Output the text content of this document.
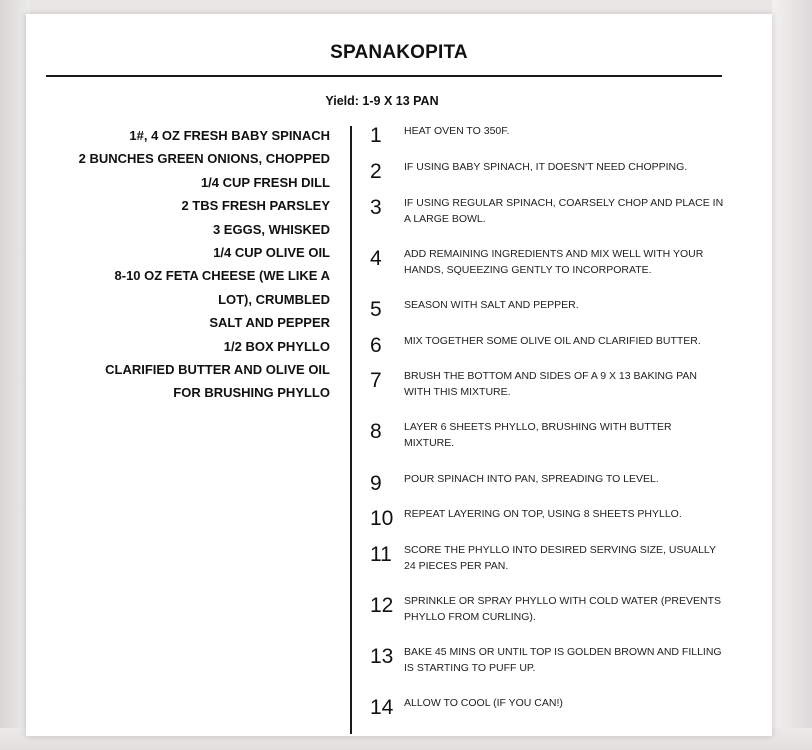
SPANAKOPITA
Yield: 1-9 X 13 PAN
1#, 4 OZ FRESH BABY SPINACH
2 BUNCHES GREEN ONIONS, CHOPPED
1/4 CUP FRESH DILL
2 TBS FRESH PARSLEY
3 EGGS, WHISKED
1/4 CUP OLIVE OIL
8-10 OZ FETA CHEESE (WE LIKE A
LOT), CRUMBLED
SALT AND PEPPER
1/2 BOX PHYLLO
CLARIFIED BUTTER AND OLIVE OIL
FOR BRUSHING PHYLLO
1	HEAT OVEN TO 350F.
2	IF USING BABY SPINACH, IT DOESN'T NEED CHOPPING.
3	IF USING REGULAR SPINACH, COARSELY CHOP AND PLACE IN A LARGE BOWL.
4	ADD REMAINING INGREDIENTS AND MIX WELL WITH YOUR HANDS, SQUEEZING GENTLY TO INCORPORATE.
5	SEASON WITH SALT AND PEPPER.
6	MIX TOGETHER SOME OLIVE OIL AND CLARIFIED BUTTER.
7	BRUSH THE BOTTOM AND SIDES OF A 9 X 13 BAKING PAN WITH THIS MIXTURE.
8	LAYER 6 SHEETS PHYLLO, BRUSHING WITH BUTTER MIXTURE.
9	POUR SPINACH INTO PAN, SPREADING TO LEVEL.
10	REPEAT LAYERING ON TOP, USING 8 SHEETS PHYLLO.
11	SCORE THE PHYLLO INTO DESIRED SERVING SIZE, USUALLY 24 PIECES PER PAN.
12	SPRINKLE OR SPRAY PHYLLO WITH COLD WATER (PREVENTS PHYLLO FROM CURLING).
13	BAKE 45 MINS OR UNTIL TOP IS GOLDEN BROWN AND FILLING IS STARTING TO PUFF UP.
14	ALLOW TO COOL (IF YOU CAN!)
